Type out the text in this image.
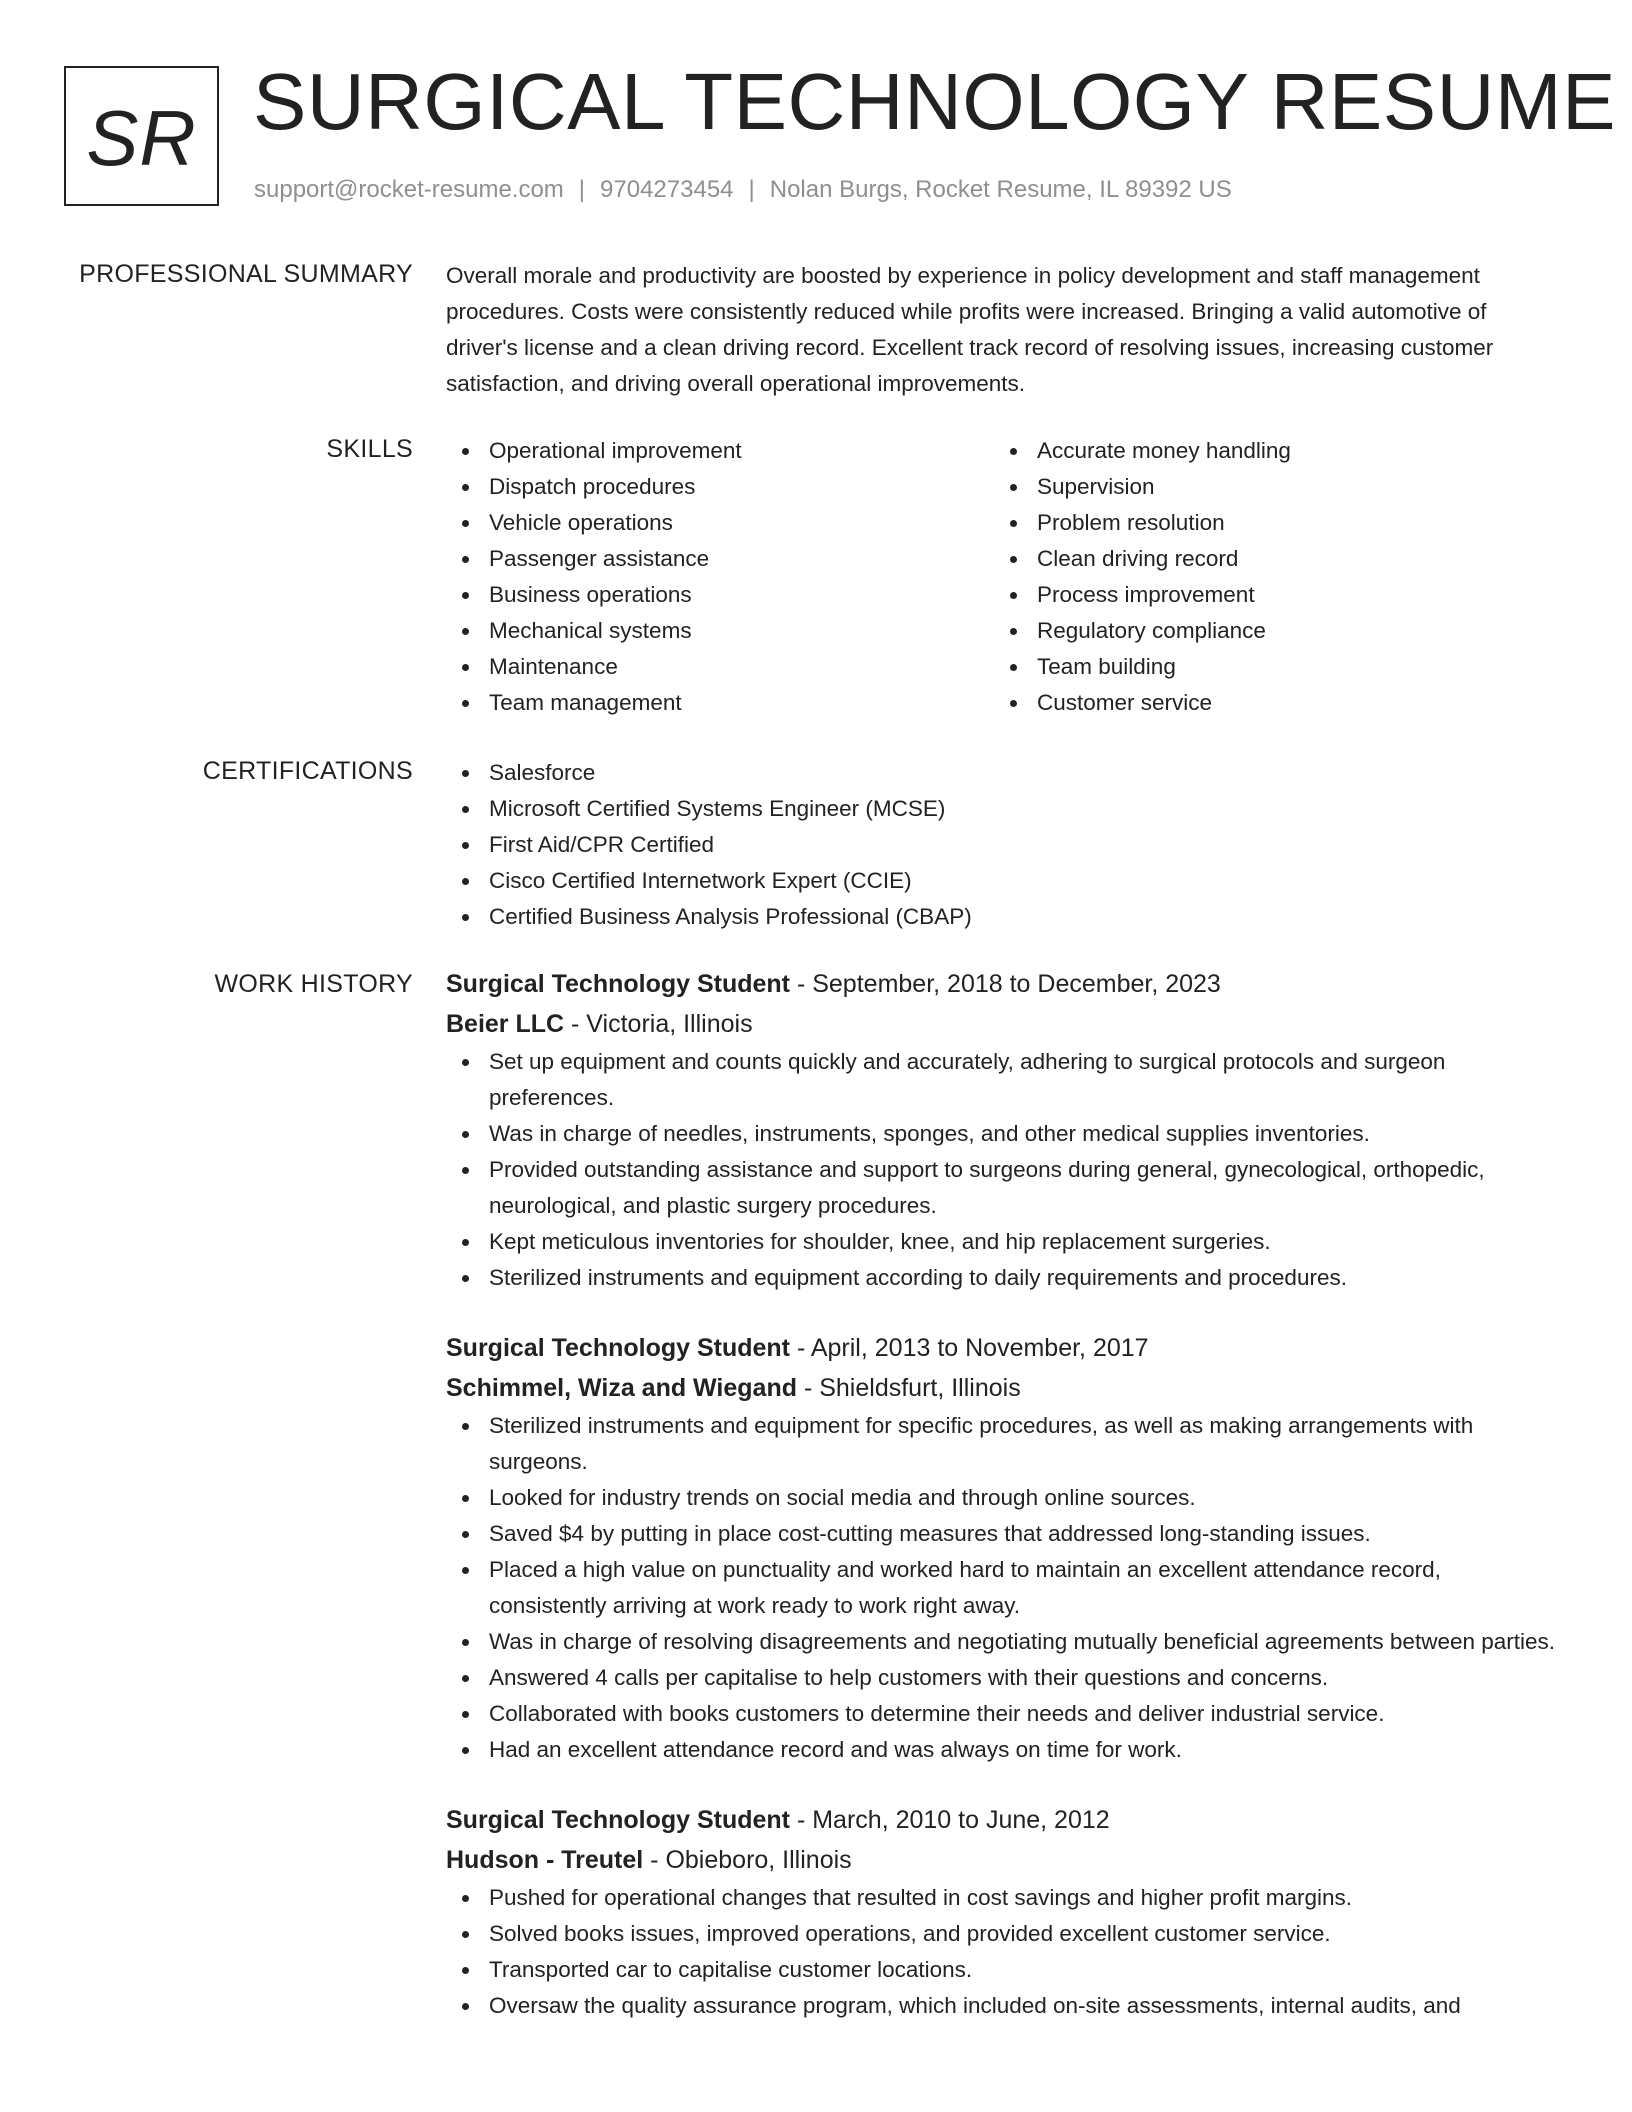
SR SURGICAL TECHNOLOGY RESUME
support@rocket-resume.com | 9704273454 | Nolan Burgs, Rocket Resume, IL 89392 US
PROFESSIONAL SUMMARY Overall morale and productivity are boosted by experience in policy development and staff management procedures. Costs were consistently reduced while profits were increased. Bringing a valid automotive of driver's license and a clean driving record. Excellent track record of resolving issues, increasing customer satisfaction, and driving overall operational improvements.

SKILLS	Operational improvement
Dispatch procedures
Vehicle operations
Passenger assistance
Business operations
Mechanical systems
Maintenance
Team management
Accurate money handling
Supervision
Problem resolution
Clean driving record
Process improvement
Regulatory compliance
Team building
Customer service
CERTIFICATIONS	Salesforce
Microsoft Certified Systems Engineer (MCSE)
First Aid/CPR Certified
Cisco Certified Internetwork Expert (CCIE)
Certified Business Analysis Professional (CBAP)
WORK HISTORY Surgical Technology Student - September, 2018 to December, 2023
Beier LLC - Victoria, Illinois
Set up equipment and counts quickly and accurately, adhering to surgical protocols and surgeon preferences.
Was in charge of needles, instruments, sponges, and other medical supplies inventories.
Provided outstanding assistance and support to surgeons during general, gynecological, orthopedic, neurological, and plastic surgery procedures.
Kept meticulous inventories for shoulder, knee, and hip replacement surgeries.
Sterilized instruments and equipment according to daily requirements and procedures.
Surgical Technology Student - April, 2013 to November, 2017
Schimmel, Wiza and Wiegand - Shieldsfurt, Illinois
Sterilized instruments and equipment for specific procedures, as well as making arrangements with surgeons.
Looked for industry trends on social media and through online sources.
Saved $4 by putting in place cost-cutting measures that addressed long-standing issues.
Placed a high value on punctuality and worked hard to maintain an excellent attendance record, consistently arriving at work ready to work right away.
Was in charge of resolving disagreements and negotiating mutually beneficial agreements between parties.
Answered 4 calls per capitalise to help customers with their questions and concerns.
Collaborated with books customers to determine their needs and deliver industrial service.
Had an excellent attendance record and was always on time for work.
Surgical Technology Student - March, 2010 to June, 2012
Hudson - Treutel - Obieboro, Illinois
Pushed for operational changes that resulted in cost savings and higher profit margins.
Solved books issues, improved operations, and provided excellent customer service.
Transported car to capitalise customer locations.
Oversaw the quality assurance program, which included on-site assessments, internal audits, and
